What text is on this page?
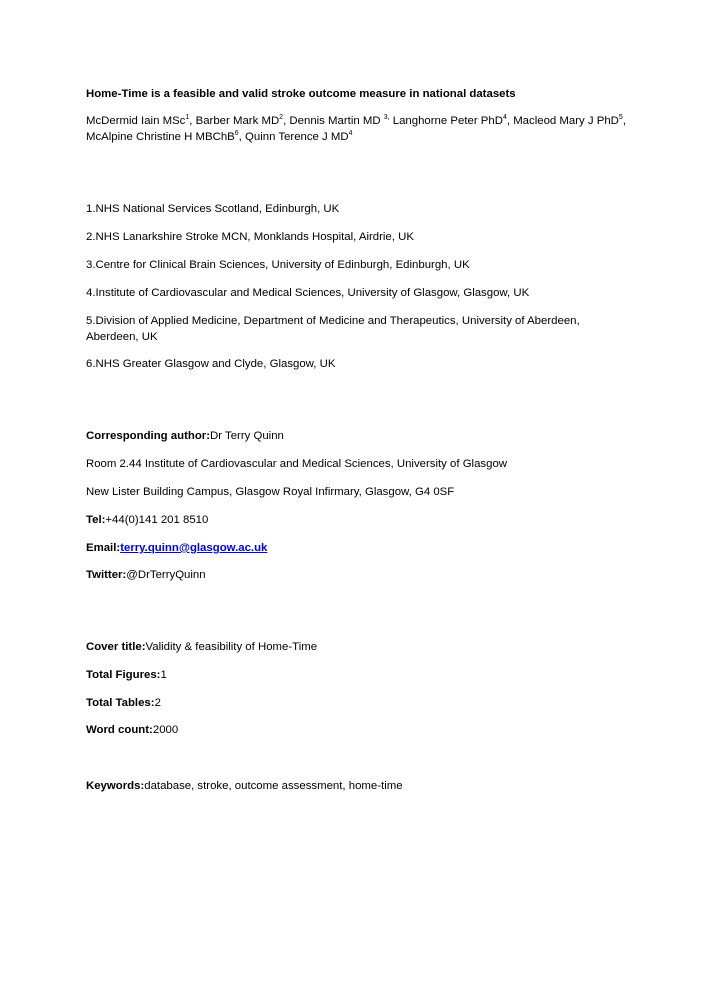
Home-Time is a feasible and valid stroke outcome measure in national datasets
McDermid Iain MSc$^1$, Barber Mark $MD^2$, Dennis Martin MD $^{3,}$ Langhorne Peter PhD$^4$, Macleod Mary J PhD$^5$, McAlpine Christine H MBChB$^6$, Quinn Terence J $MD^4$
1.NHS National Services Scotland, Edinburgh, UK
2.NHS Lanarkshire Stroke MCN, Monklands Hospital, Airdrie, UK
3.Centre for Clinical Brain Sciences, University of Edinburgh, Edinburgh, UK
4.Institute of Cardiovascular and Medical Sciences, University of Glasgow, Glasgow, UK
5.Division of Applied Medicine, Department of Medicine and Therapeutics, University of Aberdeen, Aberdeen, UK
6.NHS Greater Glasgow and Clyde, Glasgow, UK
Corresponding author:Dr Terry Quinn
Room 2.44 Institute of Cardiovascular and Medical Sciences, University of Glasgow
New Lister Building Campus, Glasgow Royal Infirmary, Glasgow, G4 0SF
Tel:+44(0)141 201 8510
Email:terry.quinn@glasgow.ac.uk
Twitter:@DrTerryQuinn
Cover title:Validity & feasibility of Home-Time
Total Figures:1
Total Tables:2
Word count:2000
Keywords:database, stroke, outcome assessment, home-time
